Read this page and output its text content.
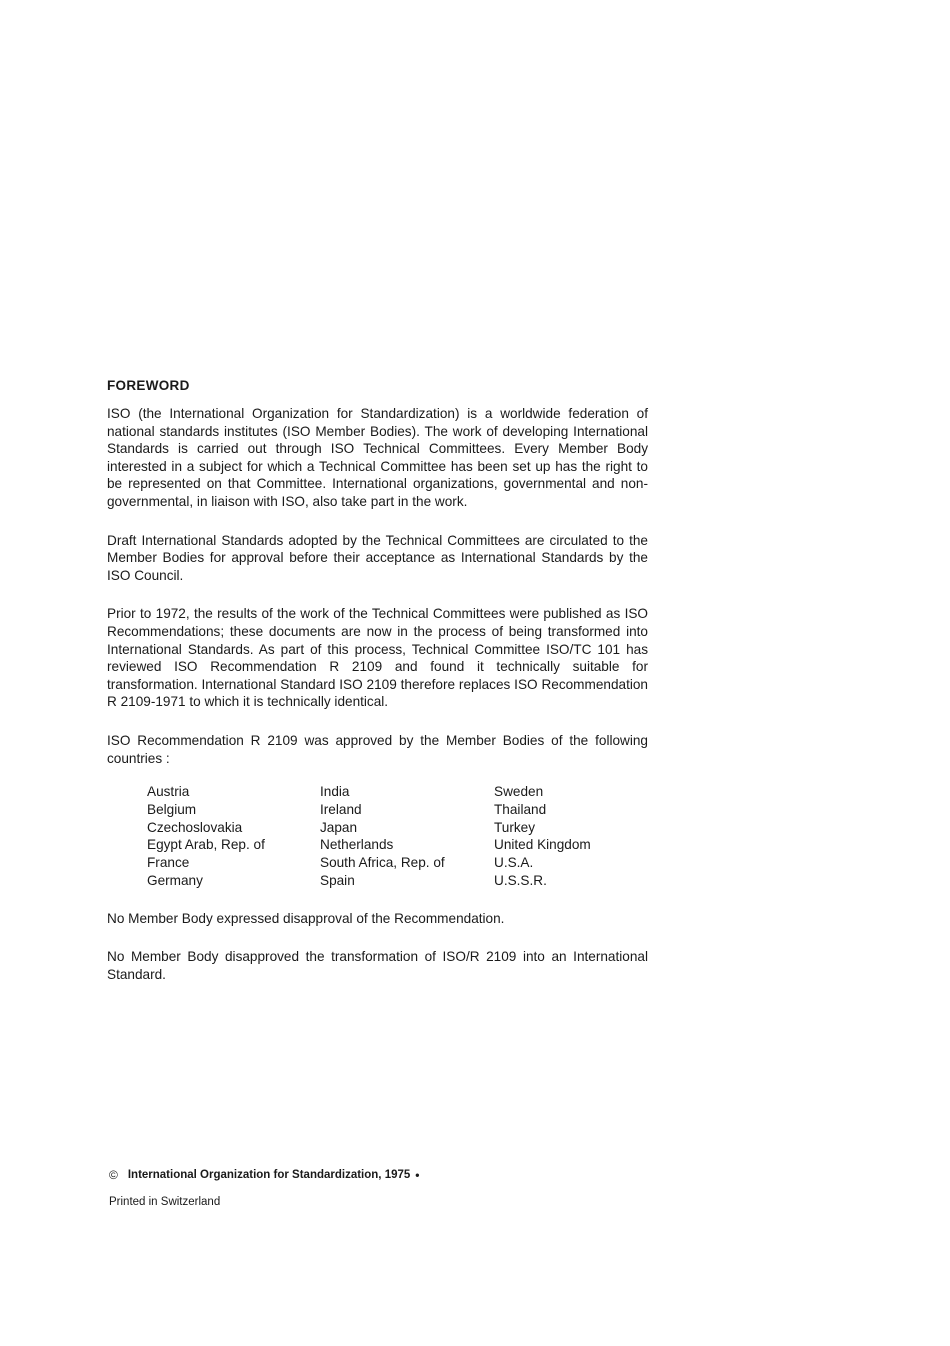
FOREWORD

ISO (the International Organization for Standardization) is a worldwide federation of national standards institutes (ISO Member Bodies). The work of developing International Standards is carried out through ISO Technical Committees. Every Member Body interested in a subject for which a Technical Committee has been set up has the right to be represented on that Committee. International organizations, governmental and non-governmental, in liaison with ISO, also take part in the work.

Draft International Standards adopted by the Technical Committees are circulated to the Member Bodies for approval before their acceptance as International Standards by the ISO Council.

Prior to 1972, the results of the work of the Technical Committees were published as ISO Recommendations; these documents are now in the process of being transformed into International Standards. As part of this process, Technical Committee ISO/TC 101 has reviewed ISO Recommendation R 2109 and found it technically suitable for transformation. International Standard ISO 2109 therefore replaces ISO Recommendation R 2109-1971 to which it is technically identical.

ISO Recommendation R 2109 was approved by the Member Bodies of the following countries :

Austria
Belgium
Czechoslovakia
Egypt Arab, Rep. of
France
Germany
India
Ireland
Japan
Netherlands
South Africa, Rep. of
Spain
Sweden
Thailand
Turkey
United Kingdom
U.S.A.
U.S.S.R.

No Member Body expressed disapproval of the Recommendation.

No Member Body disapproved the transformation of ISO/R 2109 into an International Standard.

© International Organization for Standardization, 1975 •
Printed in Switzerland
